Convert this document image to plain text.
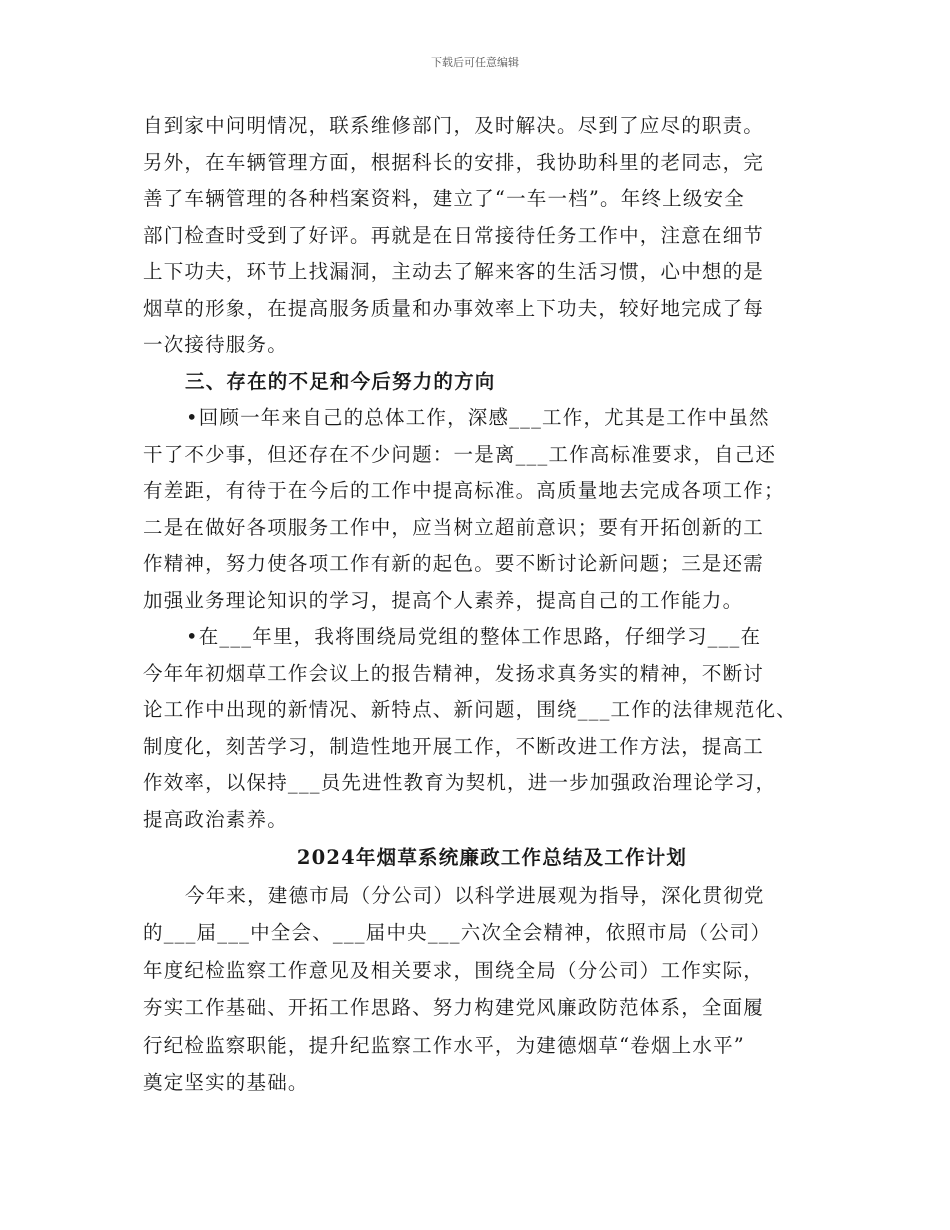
下载后可任意编辑
自到家中问明情况，联系维修部门，及时解决。尽到了应尽的职责。
另外，在车辆管理方面，根据科长的安排，我协助科里的老同志，完
善了车辆管理的各种档案资料，建立了“一车一档”。年终上级安全
部门检查时受到了好评。再就是在日常接待任务工作中，注意在细节
上下功夫，环节上找漏洞，主动去了解来客的生活习惯，心中想的是
烟草的形象，在提高服务质量和办事效率上下功夫，较好地完成了每
一次接待服务。
三、存在的不足和今后努力的方向
•回顾一年来自己的总体工作，深感___工作，尤其是工作中虽然
干了不少事，但还存在不少问题：一是离___工作高标准要求，自己还
有差距，有待于在今后的工作中提高标准。高质量地去完成各项工作；
二是在做好各项服务工作中，应当树立超前意识；要有开拓创新的工
作精神，努力使各项工作有新的起色。要不断讨论新问题；三是还需
加强业务理论知识的学习，提高个人素养，提高自己的工作能力。
•在___年里，我将围绕局党组的整体工作思路，仔细学习___在
今年年初烟草工作会议上的报告精神，发扬求真务实的精神，不断讨
论工作中出现的新情况、新特点、新问题，围绕___工作的法律规范化、
制度化，刻苦学习，制造性地开展工作，不断改进工作方法，提高工
作效率，以保持___员先进性教育为契机，进一步加强政治理论学习，
提高政治素养。
2024年烟草系统廉政工作总结及工作计划
今年来，建德市局（分公司）以科学进展观为指导，深化贯彻党
的___届___中全会、___届中央___六次全会精神，依照市局（公司）
年度纪检监察工作意见及相关要求，围绕全局（分公司）工作实际，
夯实工作基础、开拓工作思路、努力构建党风廉政防范体系，全面履
行纪检监察职能，提升纪监察工作水平，为建德烟草“卷烟上水平”
奠定坚实的基础。
